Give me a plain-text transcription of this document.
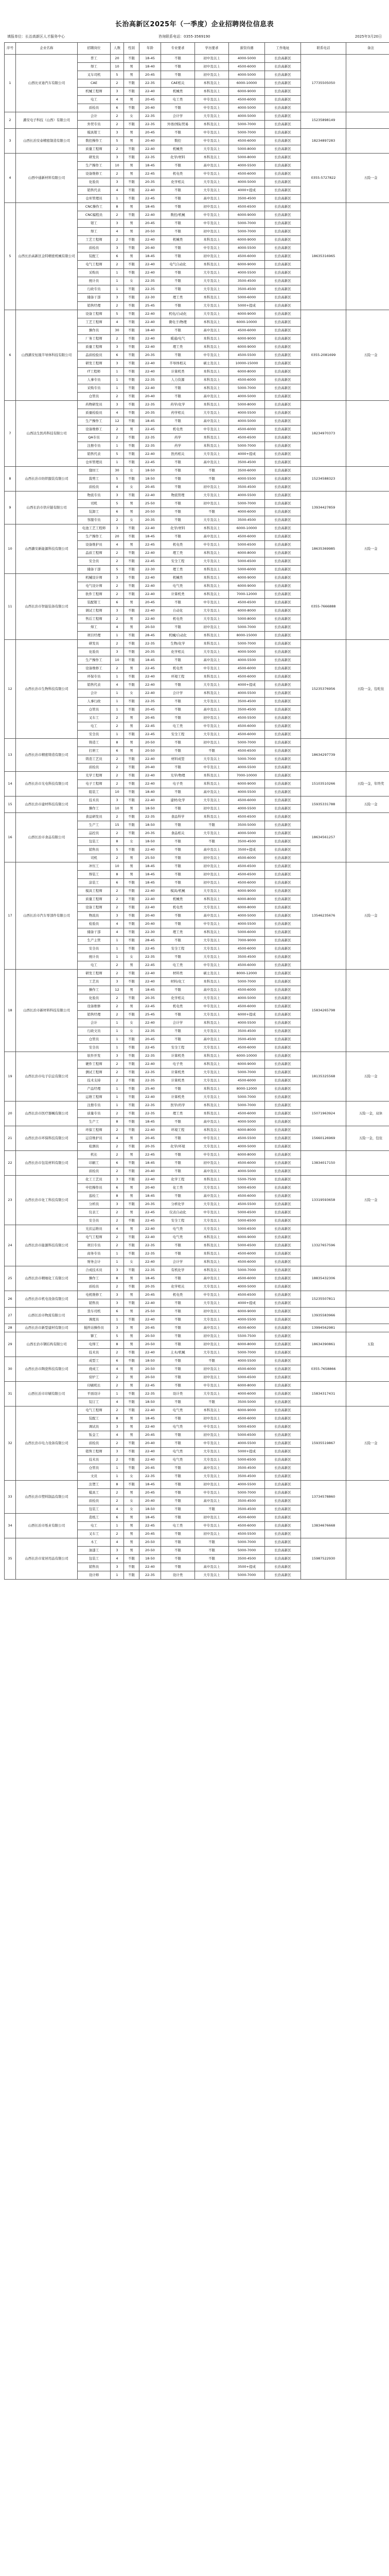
长治高新区2025年（一季度）企业招聘岗位信息表
填报单位：长治高新区人才服务中心	咨询联系电话：0355-3569190	2025年3月20日
序号	企业名称	招聘岗位	人数	性别	年龄	专业要求	学历要求	薪资待遇	工作地址	联系电话	备注
1	山西比亚迪汽车有限公司	普工	20	不限	18-45	不限	初中及以上	4000-5000	长治高新区	17735505050	
		焊工	10	男	18-40	不限	初中及以上	4500-6000	长治高新区		
		叉车司机	5	男	20-45	不限	初中及以上	4000-5000	长治高新区		
		CAE	2	不限	22-35	CAE相关	本科及以上	6000-10000	长治高新区		
		机械工程师	3	不限	22-40	机械类	本科及以上	6000-9000	长治高新区		
		电工	4	男	20-45	电工类	中专及以上	4500-6000	长治高新区		
		质检员	6	不限	20-40	不限	中专及以上	4000-5000	长治高新区		
2	潞安电子科技（山西）有限公司	会计	2	女	22-35	会计学	大专及以上	4000-5000	长治高新区	15235898149	
		外贸专员	2	不限	22-35	外语/国际贸易	本科及以上	5000-7000	长治高新区		
3	山西长治安泰精密制造有限公司	模具钳工	3	男	20-45	不限	中专及以上	5000-7000	长治高新区	18234897283	
		数控操作工	5	男	20-40	数控	中专及以上	4500-6000	长治高新区		
		质量工程师	2	不限	22-40	机械类	大专及以上	5000-8000	长治高新区		
4	山西中通新材料有限公司	研发员	3	不限	22-35	化学/材料	本科及以上	5000-8000	长治高新区	0355-5727822	五险一金
		生产操作工	10	男	18-45	不限	高中及以上	4000-5500	长治高新区		
		设备维修工	2	男	22-45	机电类	中专及以上	4500-6000	长治高新区		
		化验员	3	不限	20-35	化学相关	大专及以上	4000-5000	长治高新区		
		销售代表	4	不限	22-40	不限	大专及以上	4000+提成	长治高新区		
		仓库管理员	1	不限	22-45	不限	高中及以上	3500-4500	长治高新区		
5	山西长治高新区金特精密机械有限公司	CNC操作工	8	男	18-45	不限	初中及以上	4500-6500	长治高新区	18635316965	
		CNC编程员	2	不限	22-40	数控/机械	中专及以上	6000-9000	长治高新区		
		钳工	3	男	20-45	不限	中专及以上	5000-7000	长治高新区		
		焊工	4	男	20-50	不限	初中及以上	5000-7000	长治高新区		
		工艺工程师	2	不限	22-40	机械类	本科及以上	6000-9000	长治高新区		
		质检员	3	不限	20-40	不限	中专及以上	4000-5500	长治高新区		
		装配工	6	男	18-45	不限	初中及以上	4500-6000	长治高新区		
		电气工程师	2	不限	22-40	电气自动化	本科及以上	6000-9000	长治高新区		
		采购员	1	不限	22-40	不限	大专及以上	4000-5500	长治高新区		
		统计员	1	女	22-35	不限	大专及以上	3500-4500	长治高新区		
		行政专员	1	不限	22-35	不限	大专及以上	3500-4500	长治高新区		
		储备干部	3	不限	22-30	理工类	本科及以上	5000-6000	长治高新区		
		销售经理	2	不限	25-45	不限	大专及以上	5000+提成	长治高新区		
6	山西潞安恒晟半导体科技有限公司	设备工程师	5	不限	22-40	机电/自动化	大专及以上	6000-9000	长治高新区	0355-2081699	五险一金
		工艺工程师	4	不限	22-40	微电子/物理	本科及以上	6000-10000	长治高新区		
		操作员	30	不限	18-40	不限	高中及以上	4500-6000	长治高新区		
		厂务工程师	2	不限	22-40	暖通/电气	本科及以上	6000-9000	长治高新区		
		质量工程师	3	不限	22-40	理工类	本科及以上	6000-9000	长治高新区		
		品质检验员	6	不限	20-35	不限	中专及以上	4500-5500	长治高新区		
		研发工程师	3	不限	22-40	半导体相关	硕士及以上	10000-15000	长治高新区		
		IT工程师	1	不限	22-40	计算机类	本科及以上	6000-8000	长治高新区		
		人事专员	1	不限	22-35	人力资源	本科及以上	4500-6000	长治高新区		
		采购专员	1	不限	22-40	不限	本科及以上	5000-7000	长治高新区		
		仓管员	2	不限	20-40	不限	高中及以上	4000-5000	长治高新区		
7	山西达生医药科技有限公司	药物研发员	3	不限	22-35	药学/化学	本科及以上	5000-8000	长治高新区	18234970373	
		质量检验员	4	不限	20-35	药学相关	大专及以上	4000-5500	长治高新区		
		生产操作工	12	不限	18-45	不限	高中及以上	4000-5000	长治高新区		
		设备维修工	2	男	22-45	机电类	中专及以上	4500-6000	长治高新区		
		QA专员	2	不限	22-35	药学	本科及以上	4500-6500	长治高新区		
		注册专员	1	不限	22-35	药学	本科及以上	5000-7000	长治高新区		
		销售代表	5	不限	22-40	医药相关	大专及以上	4000+提成	长治高新区		
		仓库管理员	1	不限	22-45	不限	高中及以上	3500-4500	长治高新区		
8	山西长治市纺织服装有限公司	缝纫工	30	女	18-50	不限	不限	3500-6000	长治高新区	15234588323	
		裁剪工	5	不限	18-50	不限	不限	4000-5500	长治高新区		
		质检员	4	女	20-45	不限	初中及以上	3500-4500	长治高新区		
9	山西长治市供应链有限公司	物流专员	3	不限	22-40	物流管理	大专及以上	4000-5500	长治高新区	13934427859	
		司机	5	男	25-50	不限	初中及以上	5000-7000	长治高新区		
		装卸工	6	男	20-50	不限	不限	4000-6000	长治高新区		
		客服专员	2	女	20-35	不限	大专及以上	3500-4500	长治高新区		
10	山西潞安新能源科技有限公司	电池工艺工程师	3	不限	22-40	化学/材料	本科及以上	6000-10000	长治高新区	18635369985	五险一金
		生产操作工	20	不限	18-45	不限	高中及以上	4500-6000	长治高新区		
		设备维护员	4	男	22-45	机电类	中专及以上	5000-6500	长治高新区		
		品质工程师	2	不限	22-40	理工类	本科及以上	6000-8000	长治高新区		
		安全员	2	不限	22-45	安全工程	大专及以上	5000-6500	长治高新区		
		储备干部	5	不限	22-30	理工类	本科及以上	5000-6000	长治高新区		
11	山西长治市智能装备有限公司	机械设计师	3	不限	22-40	机械类	本科及以上	6000-9000	长治高新区	0355-7666888	
		电气设计师	2	不限	22-40	电气类	本科及以上	6000-9000	长治高新区		
		软件工程师	2	不限	22-40	计算机类	本科及以上	7000-12000	长治高新区		
		装配钳工	6	男	20-45	不限	中专及以上	4500-6500	长治高新区		
		调试工程师	3	不限	22-40	自动化	大专及以上	6000-8000	长治高新区		
		售后工程师	2	男	22-40	机电类	大专及以上	5000-8000	长治高新区		
		焊工	4	男	20-50	不限	初中及以上	5000-7000	长治高新区		
		项目经理	1	不限	28-45	机械/自动化	本科及以上	8000-15000	长治高新区		
12	山西长治市生物科技有限公司	研发员	2	不限	22-35	生物/化学	本科及以上	5000-7000	长治高新区	15235376956	五险一金，包吃住
		化验员	3	不限	20-35	化学相关	大专及以上	4000-5000	长治高新区		
		生产操作工	10	不限	18-45	不限	高中及以上	4000-5500	长治高新区		
		设备维修工	2	男	22-45	机电类	中专及以上	4500-6000	长治高新区		
		环保专员	1	不限	22-40	环境工程	本科及以上	4500-6000	长治高新区		
		销售代表	4	不限	22-40	不限	大专及以上	4000+提成	长治高新区		
		会计	1	女	22-40	会计学	本科及以上	4000-5500	长治高新区		
		人事行政	1	不限	22-35	不限	大专及以上	3500-4500	长治高新区		
		仓管员	1	不限	20-45	不限	高中及以上	3500-4500	长治高新区		
		叉车工	2	男	20-45	不限	初中及以上	4500-5500	长治高新区		
		电工	2	男	22-45	电工类	中专及以上	4500-6000	长治高新区		
		安全员	1	不限	22-45	安全工程	大专及以上	4500-6000	长治高新区		
13	山西长治市精密铸造有限公司	铸造工	8	男	20-50	不限	初中及以上	5000-7000	长治高新区	18634297739	
		打磨工	6	男	20-50	不限	不限	4500-6500	长治高新区		
		铸造工艺员	2	不限	22-40	材料成型	大专及以上	5000-7000	长治高新区		
		质检员	2	不限	20-40	不限	中专及以上	4000-5500	长治高新区		
14	山西长治市光电科技有限公司	光学工程师	2	不限	22-40	光学/物理	本科及以上	7000-10000	长治高新区	15103510266	五险一金，年终奖
		电子工程师	2	不限	22-40	电子类	本科及以上	6000-9000	长治高新区		
		组装工	10	不限	18-40	不限	高中及以上	4000-5500	长治高新区		
15	山西长治市建材科技有限公司	技术员	3	不限	22-40	建材/化学	大专及以上	4500-6000	长治高新区	15935331788	五险一金
		操作工	10	男	18-50	不限	初中及以上	4000-5500	长治高新区		
16	山西长治市食品有限公司	食品研发员	2	不限	22-35	食品科学	本科及以上	4500-6500	长治高新区	18634561257	
		生产工	15	不限	18-50	不限	不限	3500-5000	长治高新区		
		品控员	2	不限	20-35	食品相关	大专及以上	4000-5000	长治高新区		
		包装工	8	女	18-50	不限	不限	3500-4500	长治高新区		
		销售员	5	不限	22-40	不限	高中及以上	3500+提成	长治高新区		
		司机	2	男	25-50	不限	初中及以上	4500-6000	长治高新区		
17	山西长治市汽车零部件有限公司	冲压工	10	男	18-45	不限	初中及以上	4500-6500	长治高新区	13546235676	五险一金
		焊装工	8	男	18-45	不限	初中及以上	4500-6500	长治高新区		
		涂装工	6	不限	18-45	不限	初中及以上	4500-6000	长治高新区		
		模具工程师	2	不限	22-40	模具/机械	大专及以上	6000-9000	长治高新区		
		质量工程师	2	不限	22-40	机械类	本科及以上	6000-8000	长治高新区		
		设备工程师	2	不限	22-40	机电类	大专及以上	6000-8000	长治高新区		
		物流员	3	不限	20-40	不限	高中及以上	4000-5000	长治高新区		
		检验员	4	不限	20-40	不限	中专及以上	4000-5500	长治高新区		
		储备干部	4	不限	22-30	理工类	本科及以上	5000-6000	长治高新区		
		生产主管	1	不限	28-45	不限	大专及以上	7000-9000	长治高新区		
		安全员	1	不限	22-45	安全工程	大专及以上	4500-6000	长治高新区		
		统计员	1	女	22-35	不限	大专及以上	3500-4500	长治高新区		
		电工	2	男	22-45	电工类	中专及以上	4500-6000	长治高新区		
18	山西长治市新材料科技有限公司	研发工程师	2	不限	22-40	材料类	硕士及以上	8000-12000	长治高新区	15834265798	
		工艺员	3	不限	22-40	材料/化工	本科及以上	5000-7000	长治高新区		
		操作工	12	男	18-45	不限	高中及以上	4500-6000	长治高新区		
		化验员	2	不限	20-35	化学相关	大专及以上	4000-5000	长治高新区		
		设备维修	2	男	22-45	机电类	中专及以上	4500-6000	长治高新区		
		销售经理	2	不限	25-45	不限	大专及以上	6000+提成	长治高新区		
		会计	1	女	22-40	会计学	本科及以上	4000-5500	长治高新区		
		行政文员	1	女	22-35	不限	大专及以上	3500-4500	长治高新区		
		仓管员	1	不限	20-45	不限	高中及以上	3500-4500	长治高新区		
		安全员	1	不限	22-45	安全工程	大专及以上	4500-6000	长治高新区		
19	山西长治市电子信息有限公司	软件开发	3	不限	22-35	计算机类	本科及以上	6000-10000	长治高新区	18135325568	五险一金
		硬件工程师	2	不限	22-40	电子类	本科及以上	6000-9000	长治高新区		
		测试工程师	2	不限	22-35	计算机类	大专及以上	5000-7000	长治高新区		
		技术支持	2	不限	22-35	计算机类	大专及以上	4500-6000	长治高新区		
		产品经理	1	不限	25-40	不限	本科及以上	8000-12000	长治高新区		
		运维工程师	1	不限	22-40	计算机类	大专及以上	5000-7000	长治高新区		
20	山西长治市医疗器械有限公司	注册专员	1	不限	22-35	医学/药学	本科及以上	5000-7000	长治高新区	15071963924	五险一金，双休
		质量专员	2	不限	22-35	理工类	本科及以上	4500-6000	长治高新区		
		生产工	8	不限	18-45	不限	高中及以上	4000-5000	长治高新区		
21	山西长治市环保科技有限公司	环保工程师	2	不限	22-40	环境工程	本科及以上	6000-8000	长治高新区	15660126969	五险一金，包住
		运营维护员	4	男	20-45	不限	中专及以上	4500-5500	长治高新区		
		检测员	2	不限	20-35	化学/环境	大专及以上	4000-5000	长治高新区		
22	山西长治市包装材料有限公司	机长	2	男	22-45	不限	中专及以上	6000-8000	长治高新区	13834017150	
		印刷工	6	不限	18-45	不限	初中及以上	4500-6000	长治高新区		
		质检员	2	不限	20-40	不限	高中及以上	4000-5000	长治高新区		
23	山西长治市化工科技有限公司	化工工艺员	3	不限	22-40	化学工程	本科及以上	5500-7500	长治高新区	13319593658	五险一金
		中控操作员	6	男	20-40	化工类	大专及以上	5000-6500	长治高新区		
		巡检工	8	男	18-45	不限	高中及以上	4500-6000	长治高新区		
		分析员	3	不限	20-35	分析化学	大专及以上	4500-5500	长治高新区		
		仪表工	2	男	22-45	仪表自动化	中专及以上	5000-6500	长治高新区		
		安全员	2	不限	22-45	安全工程	大专及以上	5000-6500	长治高新区		
24	山西长治市能源科技有限公司	光伏运维员	4	男	22-40	电气类	大专及以上	5000-6500	长治高新区	13327657596	
		电气工程师	2	不限	22-40	电气类	本科及以上	6000-9000	长治高新区		
		项目专员	2	不限	22-35	不限	本科及以上	5000-6500	长治高新区		
		商务专员	1	不限	22-35	不限	本科及以上	4500-6000	长治高新区		
		财务会计	1	女	22-40	会计学	本科及以上	4500-6000	长治高新区		
25	山西长治市精细化工有限公司	合成技术员	3	不限	22-35	有机化学	本科及以上	5000-7000	长治高新区	18835432306	
		操作工	8	男	18-45	不限	高中及以上	4500-6000	长治高新区		
		质检员	2	不限	20-35	化学相关	大专及以上	4000-5000	长治高新区		
26	山西长治市机电设备有限公司	电机维修工	3	男	20-45	机电类	中专及以上	4500-6500	长治高新区	15235507811	
		销售员	3	不限	22-40	不限	大专及以上	4000+提成	长治高新区		
27	山西长治市物流有限公司	货车司机	6	男	25-50	不限	初中及以上	6000-9000	长治高新区	13935583966	
		调度员	1	不限	22-40	不限	大专及以上	4000-5500	长治高新区		
28	山西长治市新型建材有限公司	搅拌站操作员	3	男	20-45	不限	高中及以上	4500-6000	长治高新区	13994562981	
29	山西长治市钢结构有限公司	铆工	5	男	20-50	不限	初中及以上	5500-7500	长治高新区	18634390861	五险
		电焊工	8	男	20-50	不限	初中及以上	6000-8000	长治高新区		
		技术员	2	不限	22-40	土木/机械	大专及以上	5000-7000	长治高新区		
30	山西长治市陶瓷科技有限公司	成型工	6	不限	18-50	不限	不限	4000-5500	长治高新区	0355-7658866	
		烧成工	4	男	20-50	不限	初中及以上	4500-6000	长治高新区		
		窑炉工	2	男	20-50	不限	初中及以上	5000-6500	长治高新区		
31	山西长治市印刷有限公司	印刷机长	2	男	22-45	不限	中专及以上	6000-8000	长治高新区	15834317431	
		平面设计	1	不限	22-35	设计类	大专及以上	4000-6000	长治高新区		
		装订工	4	不限	18-50	不限	不限	3500-5000	长治高新区		
32	山西长治市电力设备有限公司	电气工程师	2	不限	22-40	电气类	本科及以上	6000-9000	长治高新区	15935519867	五险一金
		装配工	8	男	18-45	不限	初中及以上	4500-6000	长治高新区		
		调试员	3	男	22-40	电气类	中专及以上	5000-6500	长治高新区		
		钣金工	4	男	20-45	不限	初中及以上	5000-6500	长治高新区		
		质检员	2	不限	20-40	不限	中专及以上	4000-5500	长治高新区		
		销售工程师	3	不限	22-40	电气类	大专及以上	5000+提成	长治高新区		
		技术员	2	不限	22-40	电气类	大专及以上	5000-6500	长治高新区		
		仓管员	1	不限	20-45	不限	高中及以上	3500-4500	长治高新区		
		文员	1	女	22-35	不限	大专及以上	3500-4500	长治高新区		
33	山西长治市塑料制品有限公司	注塑工	8	不限	18-45	不限	初中及以上	4000-5500	长治高新区	13734578860	
		模具工	2	男	20-45	不限	中专及以上	5000-7000	长治高新区		
		质检员	2	女	20-40	不限	高中及以上	3500-4500	长治高新区		
		包装工	4	女	18-50	不限	不限	3500-4500	长治高新区		
34	山西长治市纸业有限公司	造纸工	6	男	18-45	不限	初中及以上	4500-6000	长治高新区	13834676668	
		电工	1	男	22-45	电工类	中专及以上	4500-6000	长治高新区		
		叉车工	2	男	20-45	不限	初中及以上	4500-5500	长治高新区		
35	山西长治市家居用品有限公司	木工	4	男	20-50	不限	不限	5000-7000	长治高新区	15987522930	
		油漆工	3	男	20-50	不限	不限	5000-7000	长治高新区		
		包装工	4	不限	18-50	不限	不限	3500-4500	长治高新区		
		销售员	3	不限	22-40	不限	高中及以上	3500+提成	长治高新区		
		设计师	1	不限	22-35	设计类	大专及以上	5000-7000	长治高新区		
